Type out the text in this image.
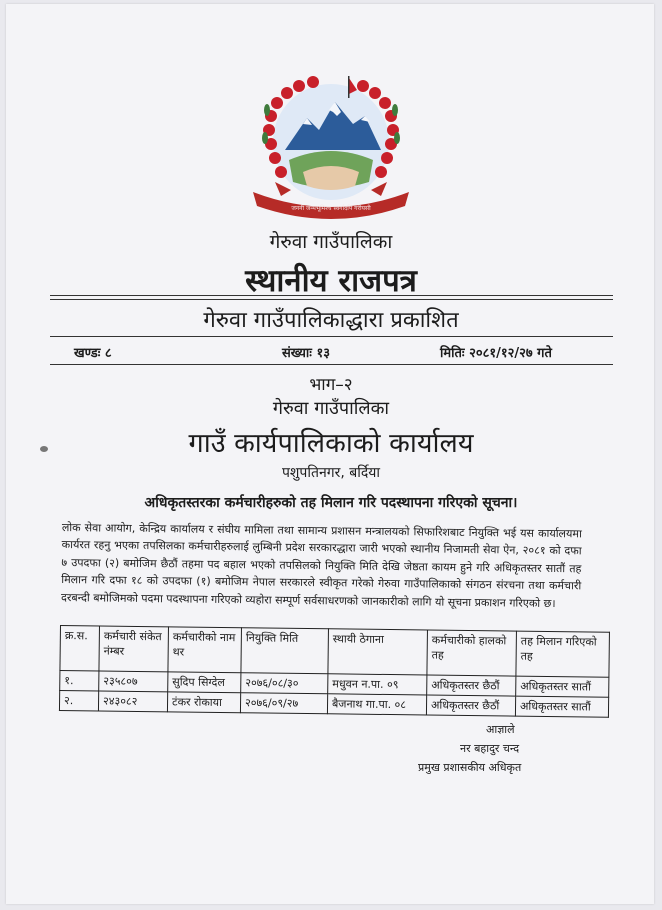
जननी जन्मभूमिश्च स्वर्गादपि गरीयसी
गेरुवा गाउँपालिका
स्थानीय राजपत्र
गेरुवा गाउँपालिकाद्धारा प्रकाशित
खण्डः ८	संख्याः १३	मितिः २०८१/१२/२७ गते
भाग–२
गेरुवा गाउँपालिका
गाउँ कार्यपालिकाको कार्यालय
पशुपतिनगर, बर्दिया
अधिकृतस्तरका कर्मचारीहरुको तह मिलान गरि पदस्थापना गरिएको सूचना।
लोक सेवा आयोग, केन्द्रिय कार्यालय र संघीय मामिला तथा सामान्य प्रशासन मन्त्रालयको सिफारिशबाट नियुक्ति भई यस कार्यालयमा कार्यरत रहनु भएका तपसिलका कर्मचारीहरुलाई लुम्बिनी प्रदेश सरकारद्धारा जारी भएको स्थानीय निजामती सेवा ऐन, २०८१ को दफा ७ उपदफा (२) बमोजिम छैठौं तहमा पद बहाल भएको तपसिलको नियुक्ति मिति देखि जेष्ठता कायम हुने गरि अधिकृतस्तर सातौं तह मिलान गरि दफा १८ को उपदफा (१) बमोजिम नेपाल सरकारले स्वीकृत गरेको गेरुवा गाउँपालिकाको संगठन संरचना तथा कर्मचारी दरबन्दी बमोजिमको पदमा पदस्थापना गरिएको व्यहोरा सम्पूर्ण सर्वसाधरणको जानकारीको लागि यो सूचना प्रकाशन गरिएको छ।
क्र.स.	कर्मचारी संकेत नंम्बर	कर्मचारीको नाम थर	नियुक्ति मिति	स्थायी ठेगाना	कर्मचारीको हालको तह	तह मिलान गरिएको तह
१.	२३५८०७	सुदिप सिग्देल	२०७६/०८/३०	मधुवन न.पा. ०९	अधिकृतस्तर छैठौं	अधिकृतस्तर सातौं
२.	२४३०८२	टंकर रोकाया	२०७६/०९/२७	बैजनाथ गा.पा. ०८	अधिकृतस्तर छैठौं	अधिकृतस्तर सातौं
आज्ञाले
नर बहादुर चन्द
प्रमुख प्रशासकीय अधिकृत
